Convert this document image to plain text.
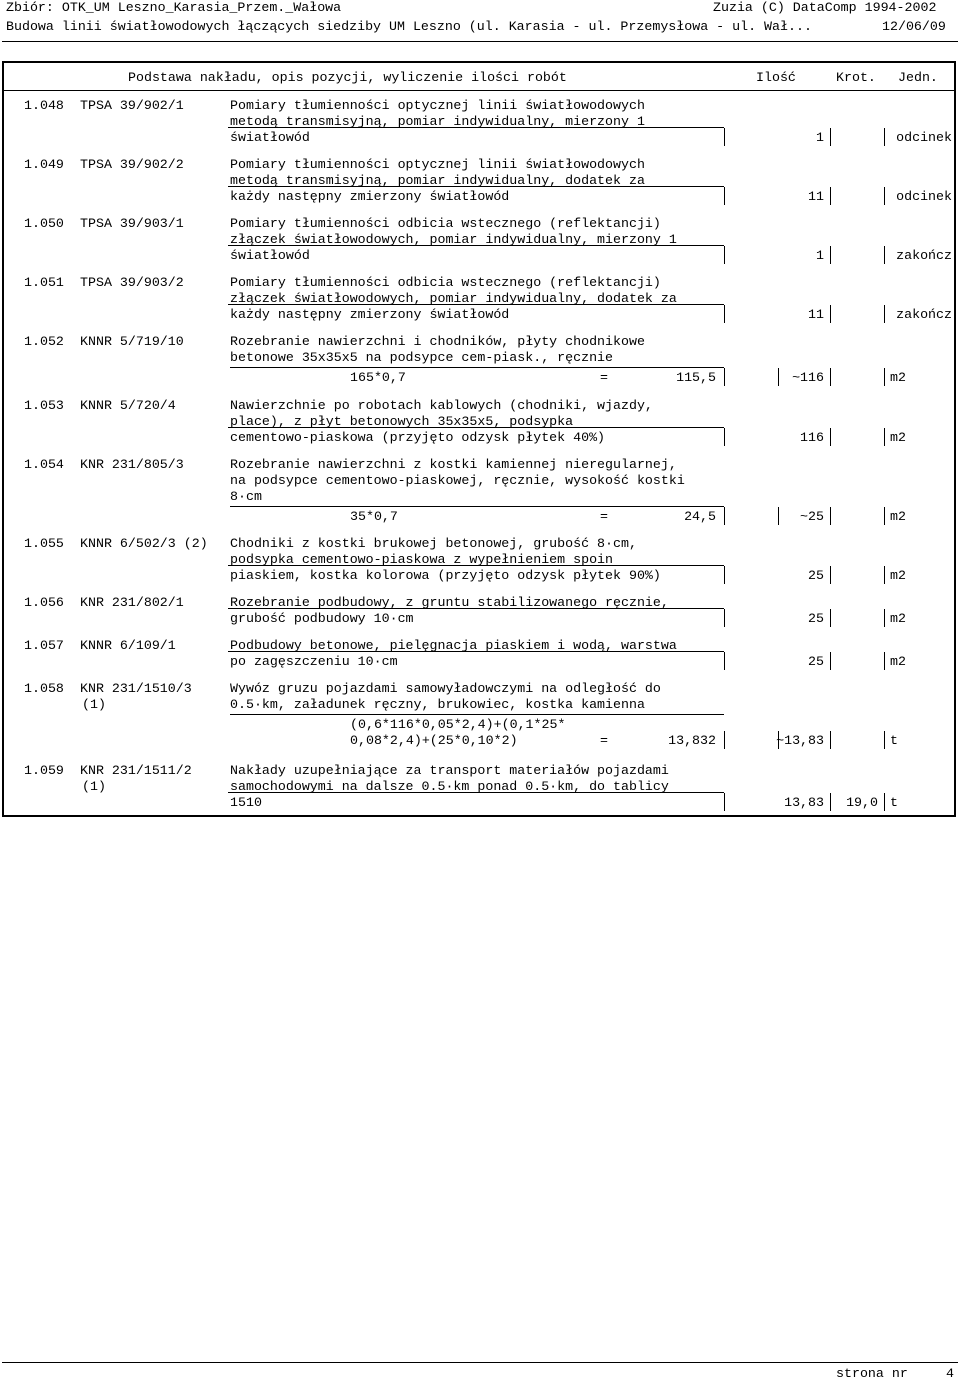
Zbiór: OTK_UM Leszno_Karasia_Przem._Wałowa	Zuzia (C) DataComp 1994-2002
Budowa linii światłowodowych łączących siedziby UM Leszno (ul. Karasia - ul. Przemysłowa - ul. Wał...	12/06/09
Podstawa nakładu, opis pozycji, wyliczenie ilości robót	Ilość	Krot. Jedn.
1.048 TPSA 39/902/1	Pomiary tłumienności optycznej linii światłowodowych
metodą transmisyjną, pomiar indywidualny, mierzony 1
światłowód	1	odcinek
1.049 TPSA 39/902/2	Pomiary tłumienności optycznej linii światłowodowych
metodą transmisyjną, pomiar indywidualny, dodatek za
każdy następny zmierzony światłowód	11	odcinek
1.050 TPSA 39/903/1	Pomiary tłumienności odbicia wstecznego (reflektancji)
złączek światłowodowych, pomiar indywidualny, mierzony 1
światłowód	1	zakończ
1.051 TPSA 39/903/2	Pomiary tłumienności odbicia wstecznego (reflektancji)
złączek światłowodowych, pomiar indywidualny, dodatek za
każdy następny zmierzony światłowód	11	zakończ
1.052 KNNR 5/719/10	Rozebranie nawierzchni i chodników, płyty chodnikowe
betonowe 35x35x5 na podsypce cem-piask., ręcznie
165*0,7	=	115,5	~116	m2
1.053 KNNR 5/720/4	Nawierzchnie po robotach kablowych (chodniki, wjazdy,
place), z płyt betonowych 35x35x5, podsypka
cementowo-piaskowa (przyjęto odzysk płytek 40%)	116	m2
1.054 KNR 231/805/3	Rozebranie nawierzchni z kostki kamiennej nieregularnej,
na podsypce cementowo-piaskowej, ręcznie, wysokość kostki
8·cm
35*0,7	=	24,5	~25	m2
1.055 KNNR 6/502/3 (2) Chodniki z kostki brukowej betonowej, grubość 8·cm,
podsypka cementowo-piaskowa z wypełnieniem spoin
piaskiem, kostka kolorowa (przyjęto odzysk płytek 90%)	25	m2
1.056 KNR 231/802/1	Rozebranie podbudowy, z gruntu stabilizowanego ręcznie,
grubość podbudowy 10·cm	25	m2
1.057 KNNR 6/109/1	Podbudowy betonowe, pielęgnacja piaskiem i wodą, warstwa
po zagęszczeniu 10·cm	25	m2
1.058 KNR 231/1510/3
(1)
Wywóz gruzu pojazdami samowyładowczymi na odległość do
0.5·km, załadunek ręczny, brukowiec, kostka kamienna
(0,6*116*0,05*2,4)+(0,1*25*
0,08*2,4)+(25*0,10*2)	=	13,832	~13,83	t
1.059 KNR 231/1511/2
(1)
Nakłady uzupełniające za transport materiałów pojazdami
samochodowymi na dalsze 0.5·km ponad 0.5·km, do tablicy
1510	13,83	19,0 t
strona nr	4
